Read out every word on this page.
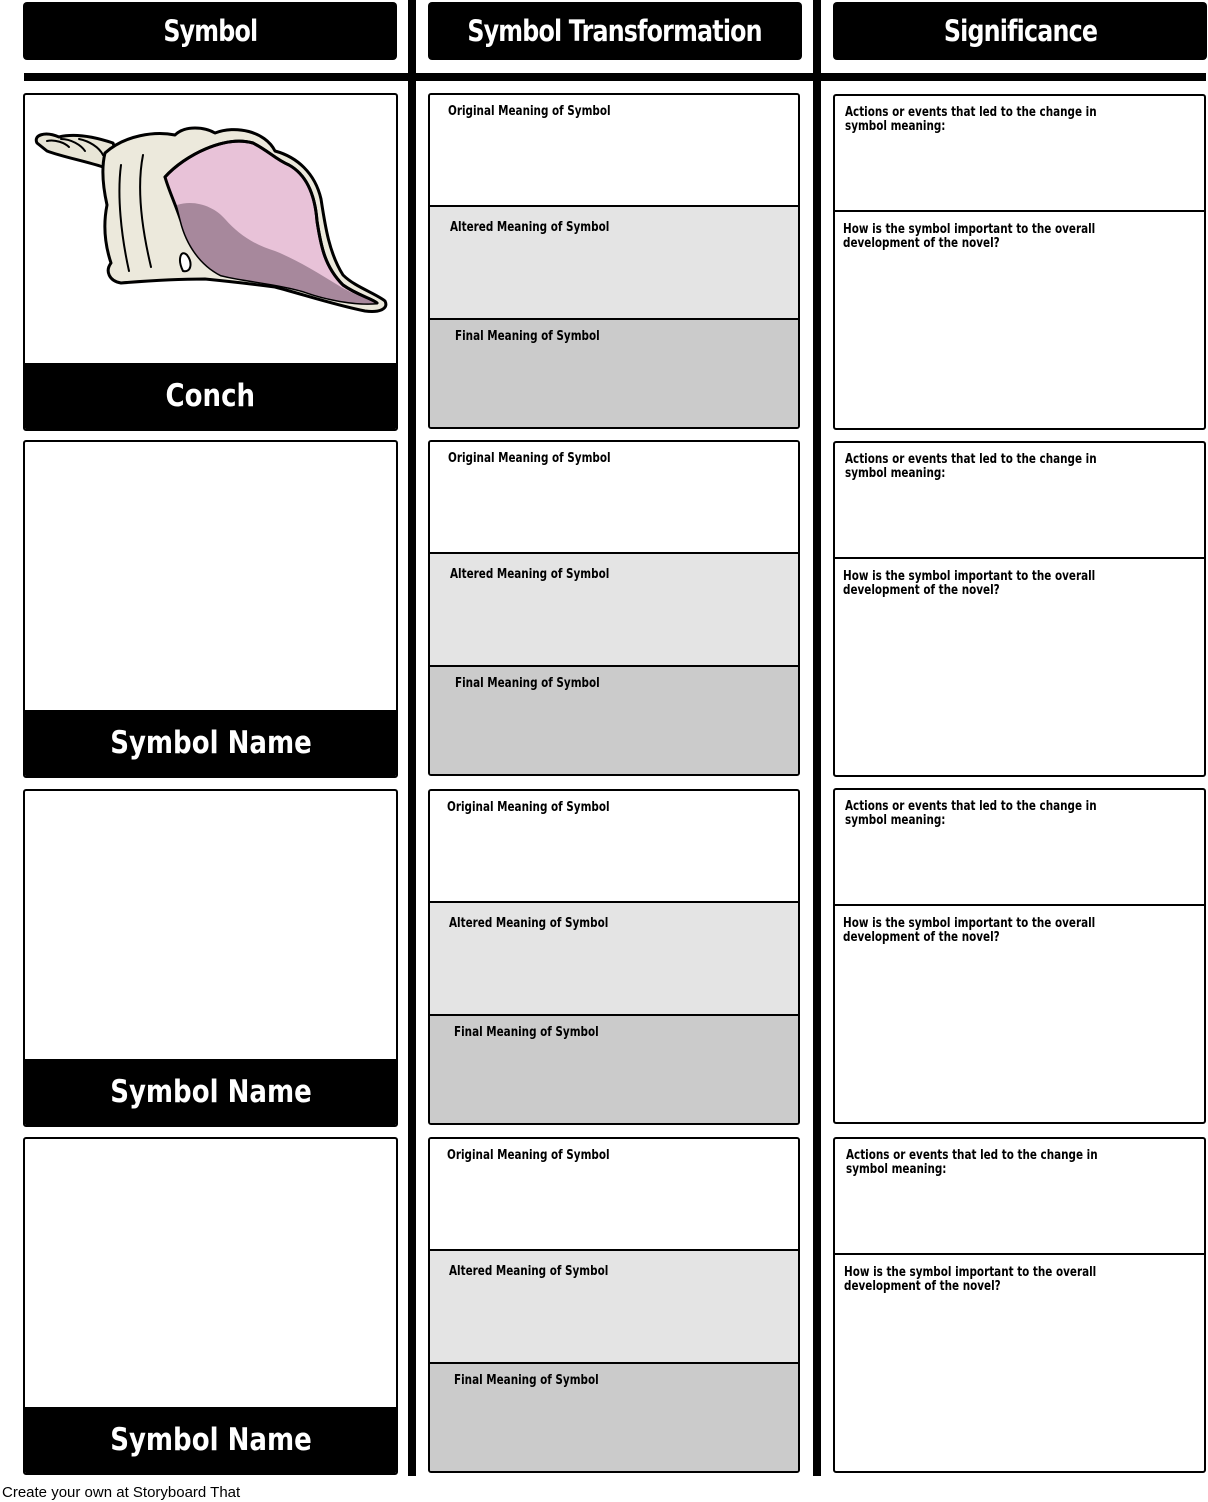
Symbol	Symbol Transformation	Significance
Conch
Original Meaning of Symbol
Altered Meaning of Symbol
Final Meaning of Symbol
Actions or events that led to the change in symbol meaning:
How is the symbol important to the overall development of the novel?
Symbol Name
Original Meaning of Symbol
Altered Meaning of Symbol
Final Meaning of Symbol
Actions or events that led to the change in symbol meaning:
How is the symbol important to the overall development of the novel?
Symbol Name
Original Meaning of Symbol
Altered Meaning of Symbol
Final Meaning of Symbol
Actions or events that led to the change in symbol meaning:
How is the symbol important to the overall development of the novel?
Symbol Name
Original Meaning of Symbol
Altered Meaning of Symbol
Final Meaning of Symbol
Actions or events that led to the change in symbol meaning:
How is the symbol important to the overall development of the novel?
Create your own at Storyboard That
